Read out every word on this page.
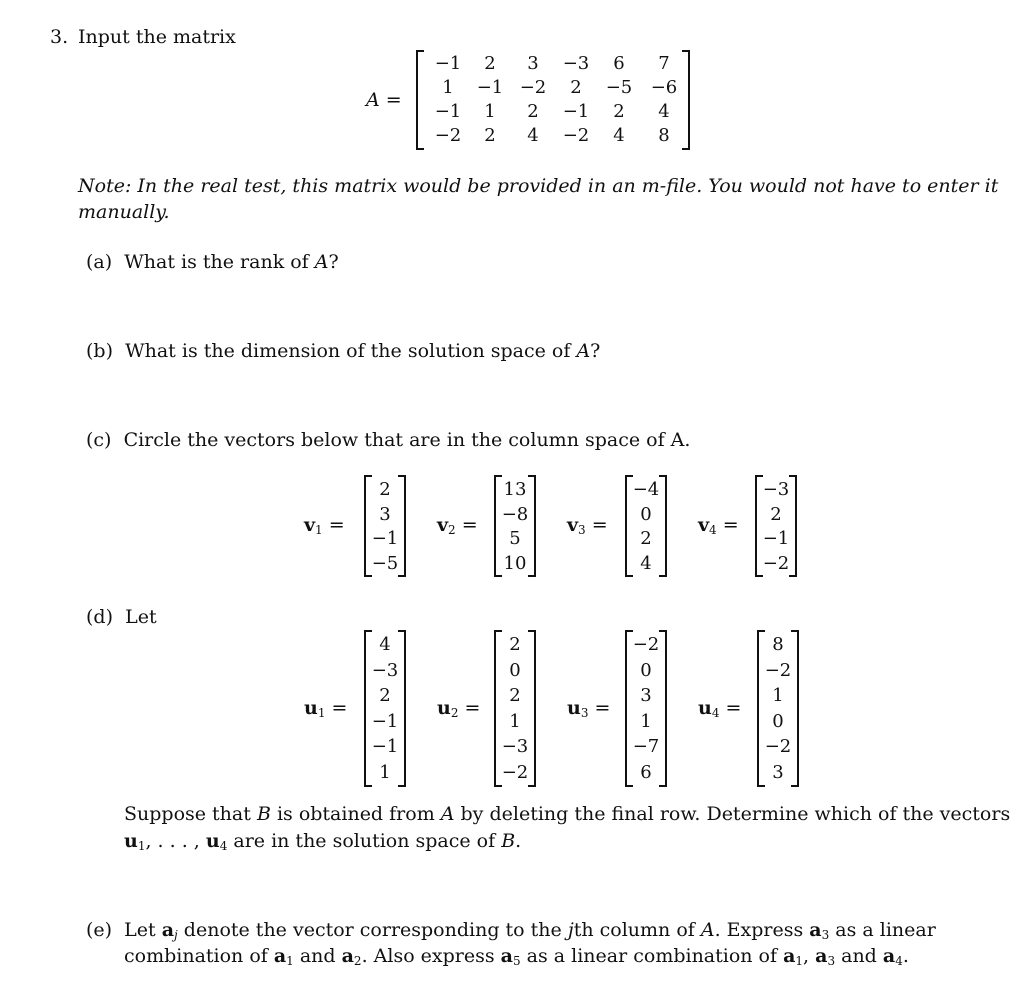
3. Input the matrix
A =
−1	2	3	−3	6	7
1	−1 −2	2	−5	−6
−1	1	2	−1	2	4
−2	2	4	−2	4	8
Note: In the real test, this matrix would be provided in an m-file. You would not have to enter it
manually.
(a) What is the rank of A?
(b) What is the dimension of the solution space of A?
(c) Circle the vectors below that are in the column space of A.
$v_1$ =
2
3
−1
−5
$v_2$ =
13
−8
5
10
$v_3$ =
−4
0
2
4
$v_4$ =
−3
2
−1
−2
(d) Let
$u_1$ =
4
−3
2
−1
−1
1
$u_2$ =
2
0
2
1
−3
−2
$u_3$ =
−2
0
3
1
−7
6
$u_4$ =
8
−2
1
0
−2
3
Suppose that B is obtained from A by deleting the final row. Determine which of the vectors
$u_1$, . . . , $u_4$ are in the solution space of B.
(e) Let $a_j$ denote the vector corresponding to the jth column of A. Express $a_3$ as a linear
combination of $a_1$ and $a_2$. Also express $a_5$ as a linear combination of $a_1$, $a_3$ and $a_4$.
